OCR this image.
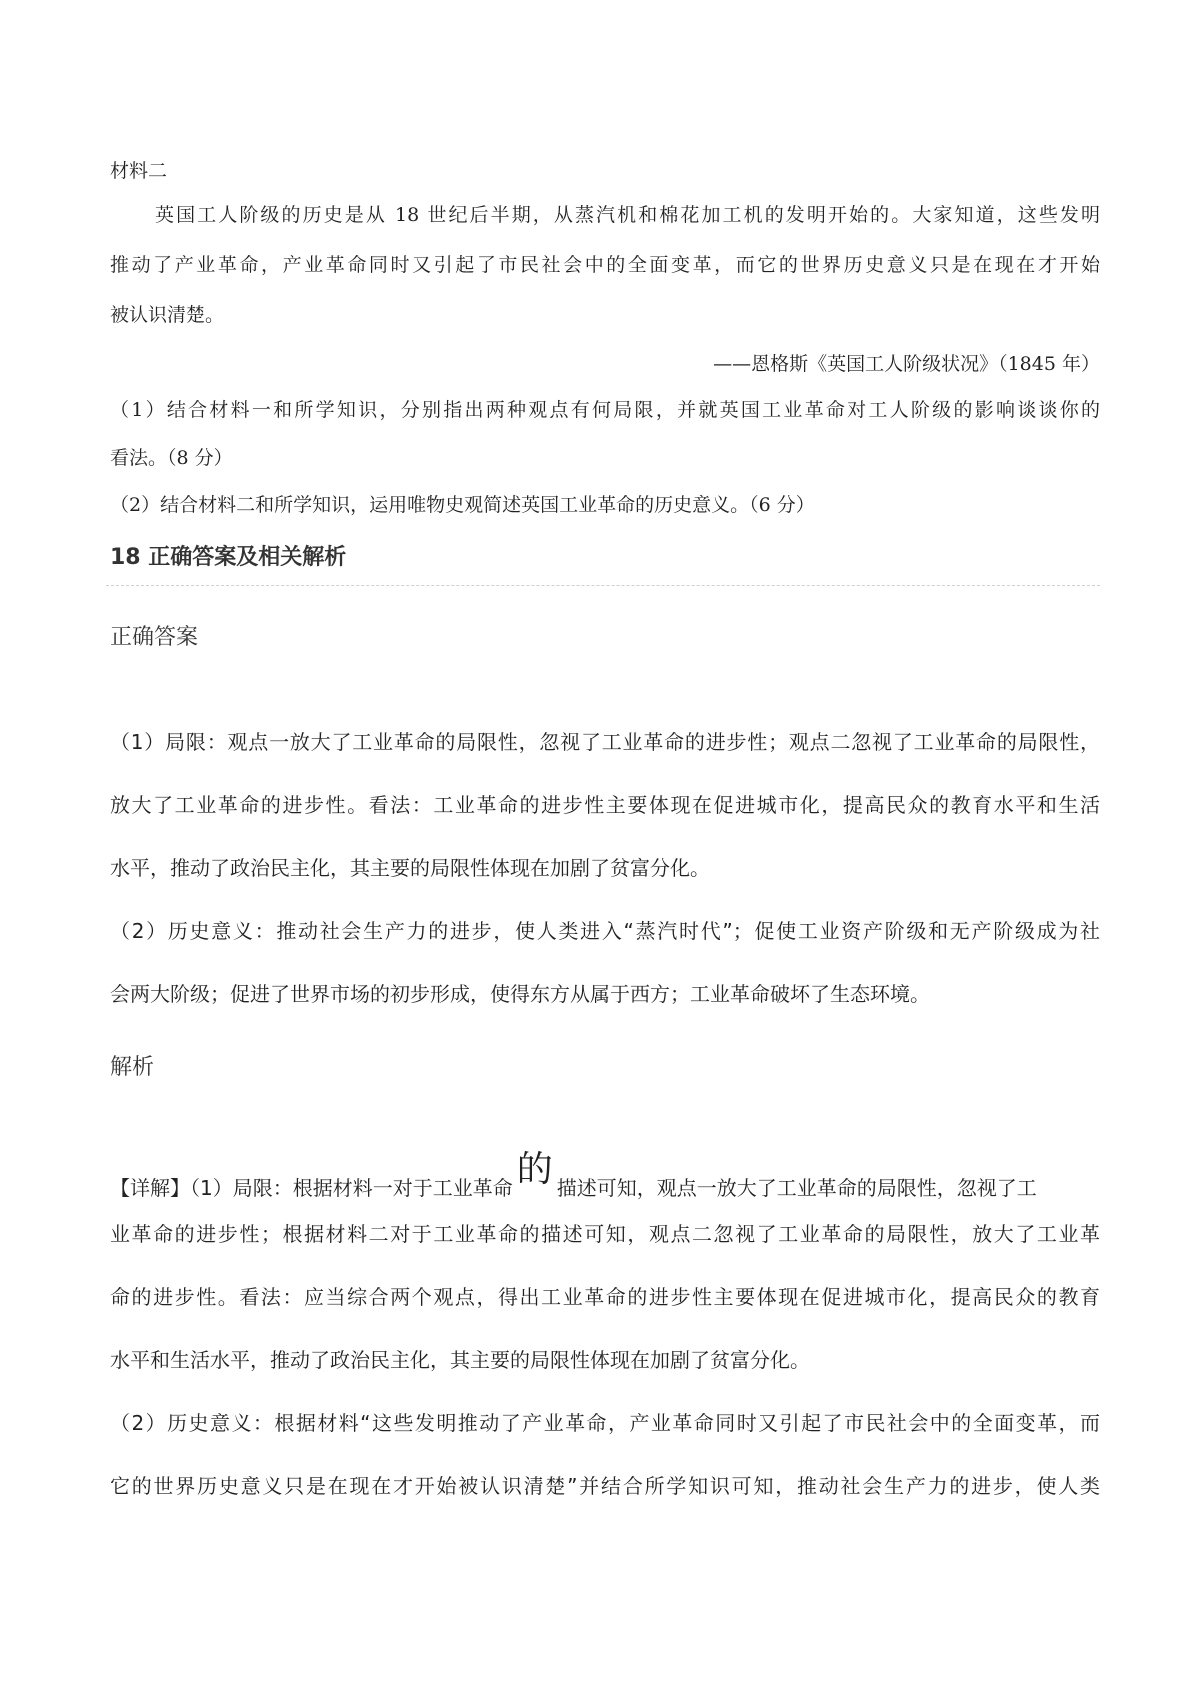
材料二
英国工人阶级的历史是从 18 世纪后半期，从蒸汽机和棉花加工机的发明开始的。大家知道，这些发明
推动了产业革命，产业革命同时又引起了市民社会中的全面变革，而它的世界历史意义只是在现在才开始
被认识清楚。
——恩格斯《英国工人阶级状况》（1845 年）
（1）结合材料一和所学知识，分别指出两种观点有何局限，并就英国工业革命对工人阶级的影响谈谈你的
看法。（8 分）
（2）结合材料二和所学知识，运用唯物史观简述英国工业革命的历史意义。（6 分）
18 正确答案及相关解析
正确答案
（1）局限：观点一放大了工业革命的局限性，忽视了工业革命的进步性；观点二忽视了工业革命的局限性，
放大了工业革命的进步性。看法：工业革命的进步性主要体现在促进城市化，提高民众的教育水平和生活
水平，推动了政治民主化，其主要的局限性体现在加剧了贫富分化。
（2）历史意义：推动社会生产力的进步，使人类进入“蒸汽时代”；促使工业资产阶级和无产阶级成为社
会两大阶级；促进了世界市场的初步形成，使得东方从属于西方；工业革命破坏了生态环境。
解析
【详解】（1）局限：根据材料一对于工业革命 的 描述可知，观点一放大了工业革命的局限性，忽视了工
业革命的进步性；根据材料二对于工业革命的描述可知，观点二忽视了工业革命的局限性，放大了工业革
命的进步性。看法：应当综合两个观点，得出工业革命的进步性主要体现在促进城市化，提高民众的教育
水平和生活水平，推动了政治民主化，其主要的局限性体现在加剧了贫富分化。
（2）历史意义：根据材料“这些发明推动了产业革命，产业革命同时又引起了市民社会中的全面变革，而
它的世界历史意义只是在现在才开始被认识清楚”并结合所学知识可知，推动社会生产力的进步，使人类
